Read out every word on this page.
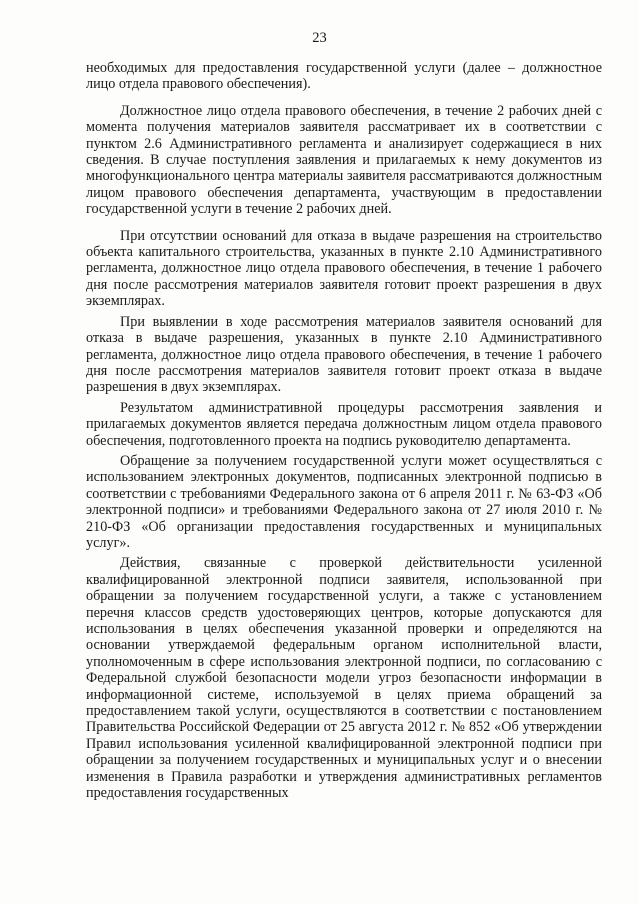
23

необходимых для предоставления государственной услуги (далее – должностное лицо отдела правового обеспечения).

Должностное лицо отдела правового обеспечения, в течение 2 рабочих дней с момента получения материалов заявителя рассматривает их в соответствии с пунктом 2.6 Административного регламента и анализирует содержащиеся в них сведения. В случае поступления заявления и прилагаемых к нему документов из многофункционального центра материалы заявителя рассматриваются должностным лицом правового обеспечения департамента, участвующим в предоставлении государственной услуги в течение 2 рабочих дней.

При отсутствии оснований для отказа в выдаче разрешения на строительство объекта капитального строительства, указанных в пункте 2.10 Административного регламента, должностное лицо отдела правового обеспечения, в течение 1 рабочего дня после рассмотрения материалов заявителя готовит проект разрешения в двух экземплярах.

При выявлении в ходе рассмотрения материалов заявителя оснований для отказа в выдаче разрешения, указанных в пункте 2.10 Административного регламента, должностное лицо отдела правового обеспечения, в течение 1 рабочего дня после рассмотрения материалов заявителя готовит проект отказа в выдаче разрешения в двух экземплярах.

Результатом административной процедуры рассмотрения заявления и прилагаемых документов является передача должностным лицом отдела правового обеспечения, подготовленного проекта на подпись руководителю департамента.

Обращение за получением государственной услуги может осуществляться с использованием электронных документов, подписанных электронной подписью в соответствии с требованиями Федерального закона от 6 апреля 2011 г. № 63-ФЗ «Об электронной подписи» и требованиями Федерального закона от 27 июля 2010 г. № 210-ФЗ «Об организации предоставления государственных и муниципальных услуг».

Действия, связанные с проверкой действительности усиленной квалифицированной электронной подписи заявителя, использованной при обращении за получением государственной услуги, а также с установлением перечня классов средств удостоверяющих центров, которые допускаются для использования в целях обеспечения указанной проверки и определяются на основании утверждаемой федеральным органом исполнительной власти, уполномоченным в сфере использования электронной подписи, по согласованию с Федеральной службой безопасности модели угроз безопасности информации в информационной системе, используемой в целях приема обращений за предоставлением такой услуги, осуществляются в соответствии с постановлением Правительства Российской Федерации от 25 августа 2012 г. № 852 «Об утверждении Правил использования усиленной квалифицированной электронной подписи при обращении за получением государственных и муниципальных услуг и о внесении изменения в Правила разработки и утверждения административных регламентов предоставления государственных
